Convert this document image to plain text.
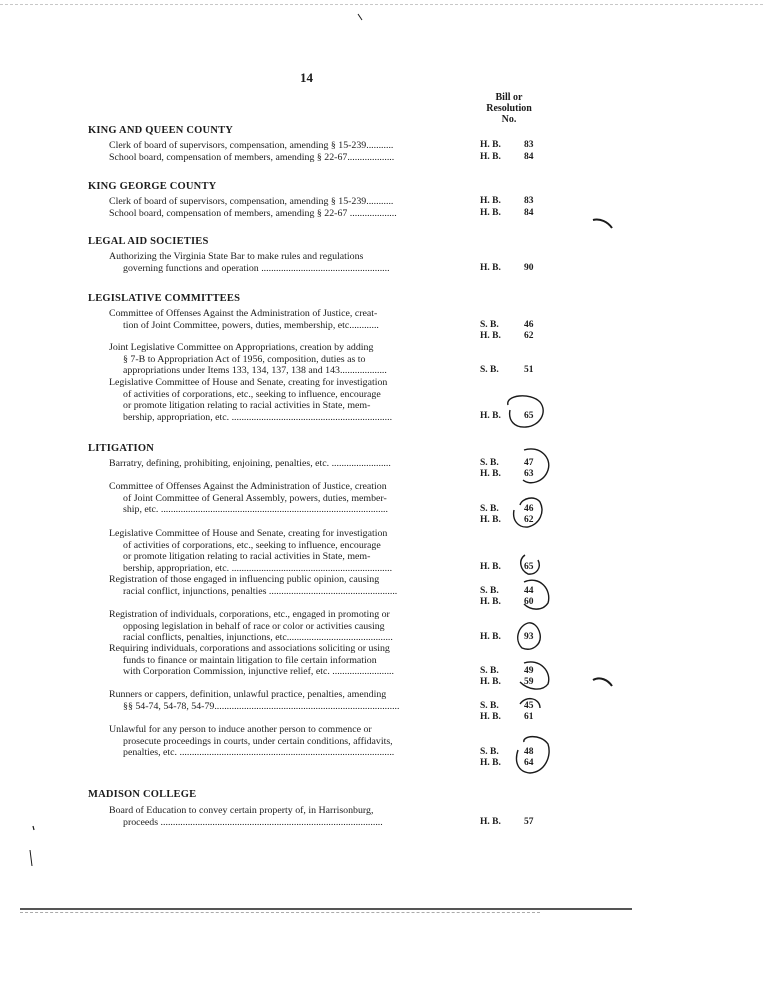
14
Bill or
Resolution
No.
KING AND QUEEN COUNTY
Clerk of board of supervisors, compensation, amending § 15-239...........	H. B. 83
School board, compensation of members, amending § 22-67...................	H. B. 84
KING GEORGE COUNTY
Clerk of board of supervisors, compensation, amending § 15-239...........	H. B. 83
School board, compensation of members, amending § 22-67 ...................	H. B. 84
LEGAL AID SOCIETIES
Authorizing the Virginia State Bar to make rules and regulations
governing functions and operation ....................................................	H. B. 90
LEGISLATIVE COMMITTEES
Committee of Offenses Against the Administration of Justice, creat-
tion of Joint Committee, powers, duties, membership, etc............	S. B.	46
H. B. 62
Joint Legislative Committee on Appropriations, creation by adding
§ 7-B to Appropriation Act of 1956, composition, duties as to
appropriations under Items 133, 134, 137, 138 and 143...................	S. B.	51
Legislative Committee of House and Senate, creating for investigation
of activities of corporations, etc., seeking to influence, encourage
or promote litigation relating to racial activities in State, mem-
bership, appropriation, etc. .................................................................	H. B. 65
LITIGATION
Barratry, defining, prohibiting, enjoining, penalties, etc. ........................	S. B.	47
H. B. 63
Committee of Offenses Against the Administration of Justice, creation
of Joint Committee of General Assembly, powers, duties, member-
ship, etc. ............................................................................................	S. B.	46
H. B. 62
Legislative Committee of House and Senate, creating for investigation
of activities of corporations, etc., seeking to influence, encourage
or promote litigation relating to racial activities in State, mem-
bership, appropriation, etc. .................................................................	H. B. 65
Registration of those engaged in influencing public opinion, causing
racial conflict, injunctions, penalties ....................................................	S. B.	44
H. B. 60
Registration of individuals, corporations, etc., engaged in promoting or
opposing legislation in behalf of race or color or activities causing
racial conflicts, penalties, injunctions, etc...........................................	H. B. 93
Requiring individuals, corporations and associations soliciting or using
funds to finance or maintain litigation to file certain information
with Corporation Commission, injunctive relief, etc. .........................	S. B.	49
H. B. 59
Runners or cappers, definition, unlawful practice, penalties, amending
§§ 54-74, 54-78, 54-79...........................................................................	S. B.	45
H. B. 61
Unlawful for any person to induce another person to commence or
prosecute proceedings in courts, under certain conditions, affidavits,
penalties, etc. .......................................................................................	S. B.	48
H. B. 64
MADISON COLLEGE
Board of Education to convey certain property of, in Harrisonburg,
proceeds ..........................................................................................	H. B. 57
